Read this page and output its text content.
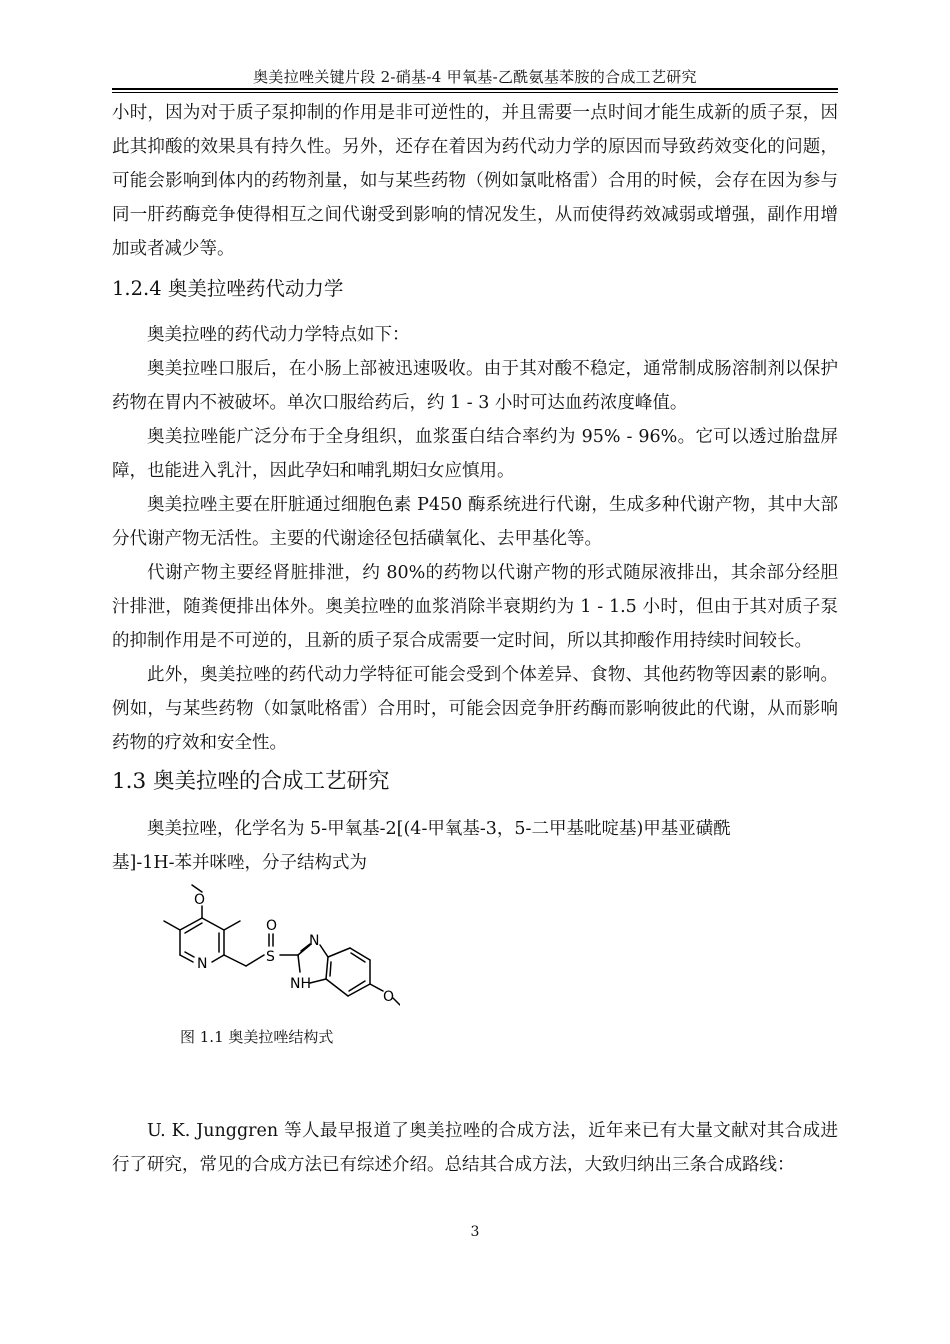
奥美拉唑关键片段 2-硝基-4 甲氧基-乙酰氨基苯胺的合成工艺研究

小时，因为对于质子泵抑制的作用是非可逆性的，并且需要一点时间才能生成新的质子泵，因此其抑酸的效果具有持久性。另外，还存在着因为药代动力学的原因而导致药效变化的问题，可能会影响到体内的药物剂量，如与某些药物（例如氯吡格雷）合用的时候，会存在因为参与同一肝药酶竞争使得相互之间代谢受到影响的情况发生，从而使得药效减弱或增强，副作用增加或者减少等。

1.2.4 奥美拉唑药代动力学

奥美拉唑的药代动力学特点如下：

奥美拉唑口服后，在小肠上部被迅速吸收。由于其对酸不稳定，通常制成肠溶制剂以保护药物在胃内不被破坏。单次口服给药后，约 1 - 3 小时可达血药浓度峰值。

奥美拉唑能广泛分布于全身组织，血浆蛋白结合率约为 95% - 96%。它可以透过胎盘屏障，也能进入乳汁，因此孕妇和哺乳期妇女应慎用。

奥美拉唑主要在肝脏通过细胞色素 P450 酶系统进行代谢，生成多种代谢产物，其中大部分代谢产物无活性。主要的代谢途径包括磺氧化、去甲基化等。

代谢产物主要经肾脏排泄，约 80%的药物以代谢产物的形式随尿液排出，其余部分经胆汁排泄，随粪便排出体外。奥美拉唑的血浆消除半衰期约为 1 - 1.5 小时，但由于其对质子泵的抑制作用是不可逆的，且新的质子泵合成需要一定时间，所以其抑酸作用持续时间较长。

此外，奥美拉唑的药代动力学特征可能会受到个体差异、食物、其他药物等因素的影响。例如，与某些药物（如氯吡格雷）合用时，可能会因竞争肝药酶而影响彼此的代谢，从而影响药物的疗效和安全性。

1.3 奥美拉唑的合成工艺研究

奥美拉唑，化学名为 5-甲氧基-2[(4-甲氧基-3，5-二甲基吡啶基)甲基亚磺酰

基]-1H-苯并咪唑，分子结构式为

O
N	S
O
N
NH
O
图 1.1 奥美拉唑结构式

U. K. Junggren 等人最早报道了奥美拉唑的合成方法，近年来已有大量文献对其合成进行了研究，常见的合成方法已有综述介绍。总结其合成方法，大致归纳出三条合成路线：

3
